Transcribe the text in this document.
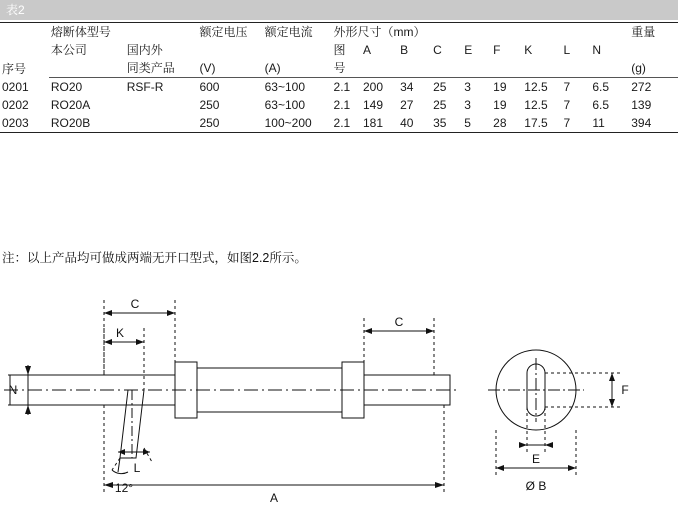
表2
序号	熔断体型号		额定电压	额定电流	外形尺寸（mm）									重量
	本公司	国内外			图	A	B	C	E	F	K	L	N	
		同类产品	(V)	(A)	号									(g)
0201	RO20	RSF-R	600	63~100	2.1	200	34	25	3	19	12.5	7	6.5	272
0202	RO20A		250	63~100	2.1	149	27	25	3	19	12.5	7	6.5	139
0203	RO20B		250	100~200	2.1	181	40	35	5	28	17.5	7	11	394
注：以上产品均可做成两端无开口型式，如图2.2所示。
C
K
N
L
12°
C
A
E
F
Ø B
